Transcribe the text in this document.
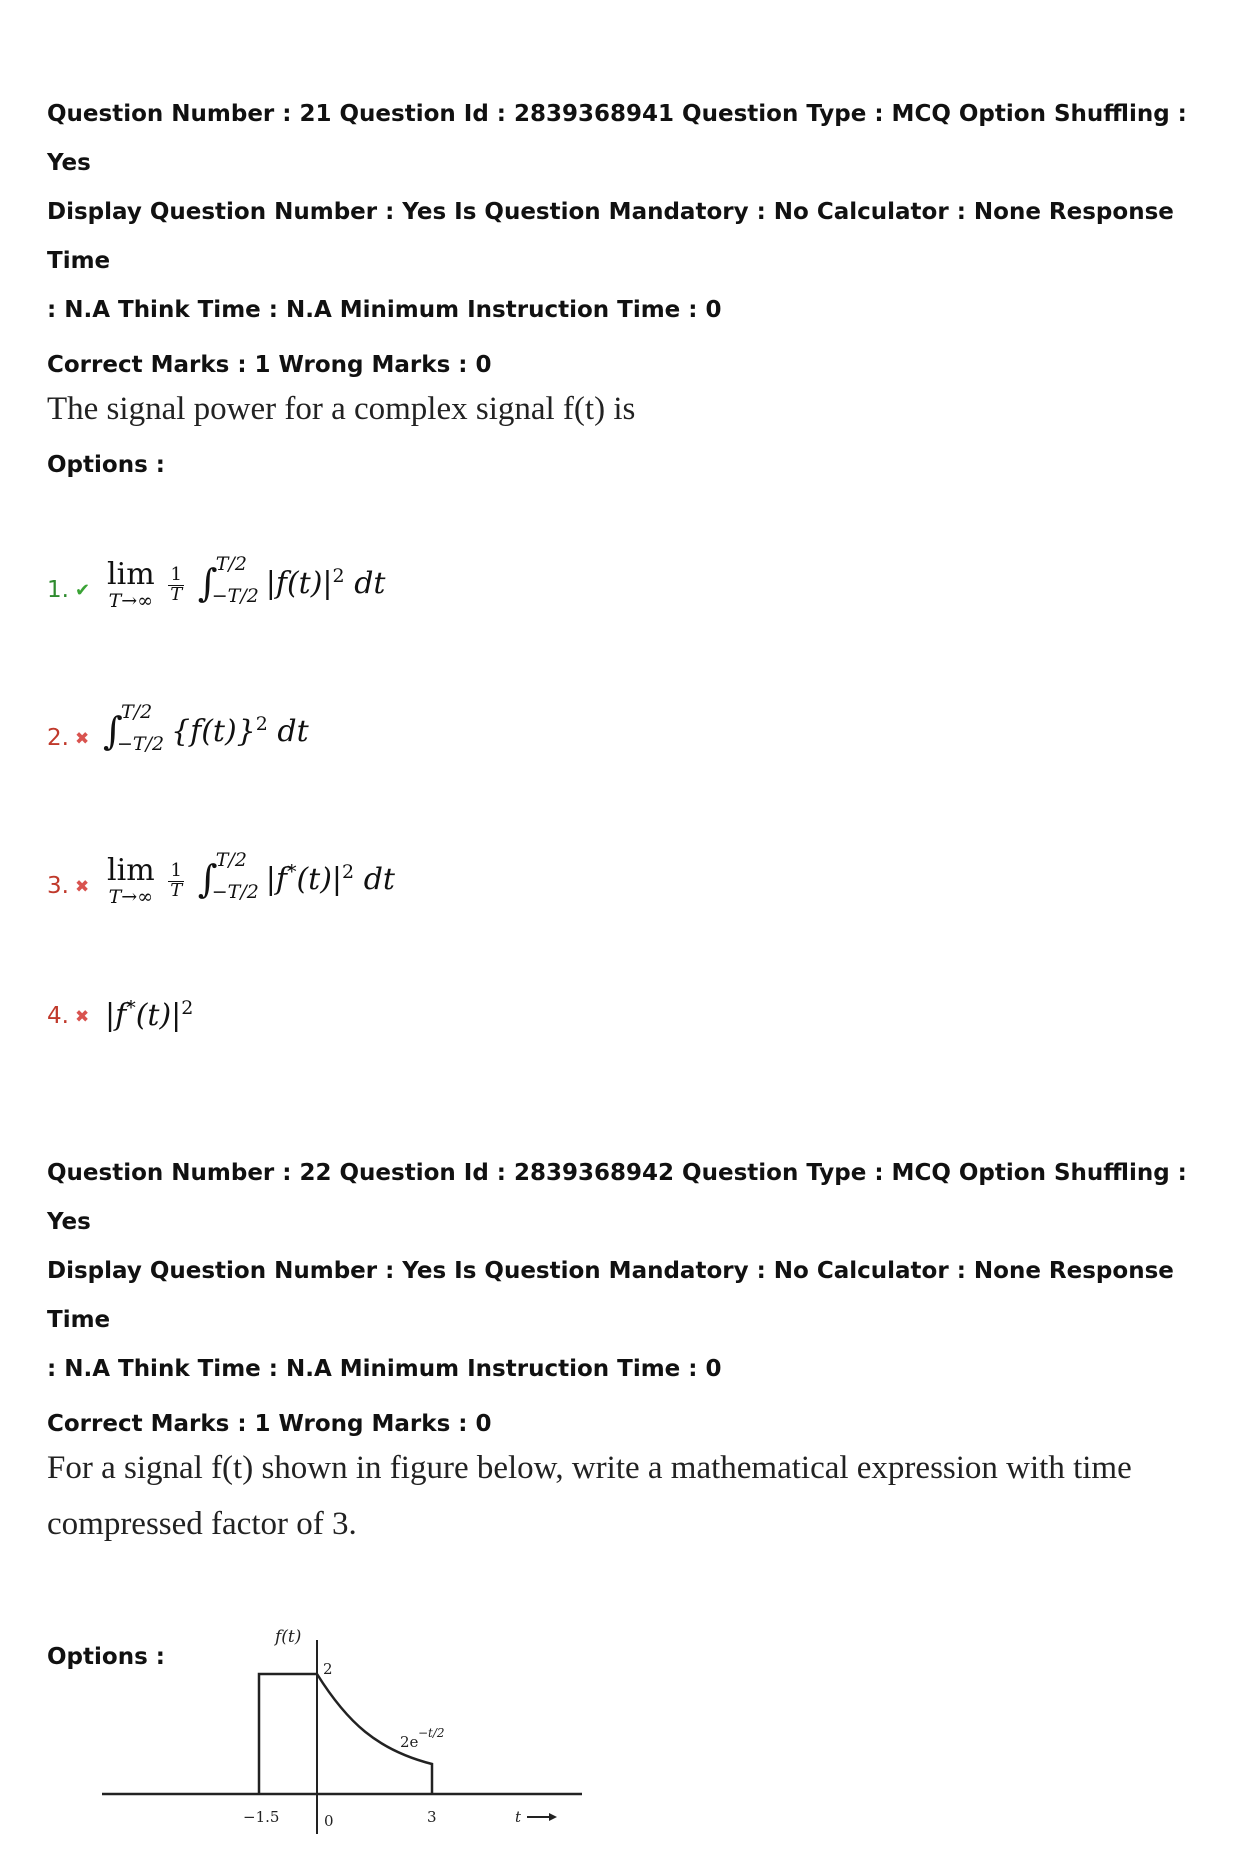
Question Number : 21 Question Id : 2839368941 Question Type : MCQ Option Shuffling : Yes

Display Question Number : Yes Is Question Mandatory : No Calculator : None Response Time

: N.A Think Time : N.A Minimum Instruction Time : 0

Correct Marks : 1 Wrong Marks : 0
The signal power for a complex signal f(t) is
Options :
1. ✔ lim
T→∞
$\frac{1}{T}$
∫
T/2
−T/2 $|f(t)|^2$ dt
2. ✖ ∫
T/2
−T/2 $\{f(t)\}^2$ dt
3. ✖ lim
T→∞
$\frac{1}{T}$
∫
T/2
−T/2 $|f^*(t)|^2$ dt
4. ✖ $|f^*(t)|^2$

Question Number : 22 Question Id : 2839368942 Question Type : MCQ Option Shuffling : Yes

Display Question Number : Yes Is Question Mandatory : No Calculator : None Response Time

: N.A Think Time : N.A Minimum Instruction Time : 0

Correct Marks : 1 Wrong Marks : 0
For a signal f(t) shown in figure below, write a mathematical expression with time
compressed factor of 3.
f(t)
2
2e −t/2
−1.5	0	3	t
Options :
